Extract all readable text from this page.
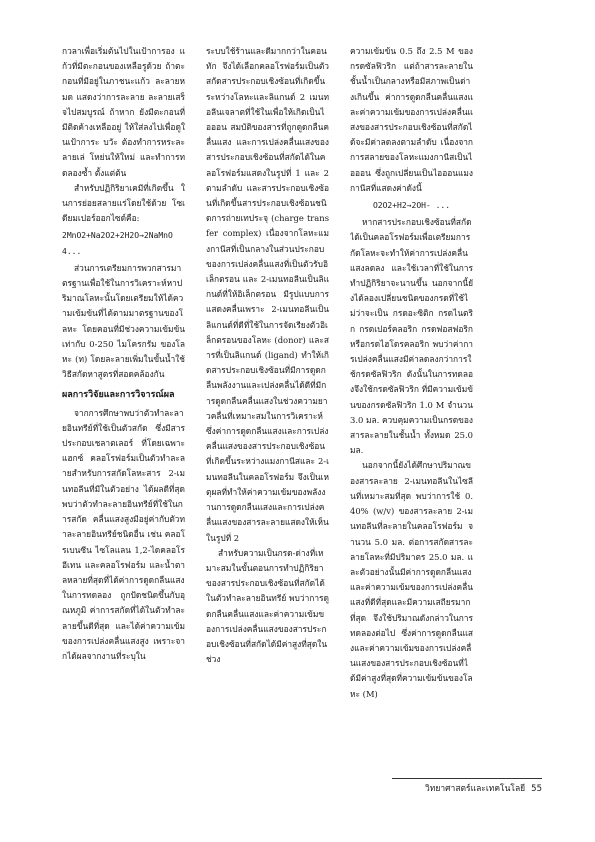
กวลาเพื่อเริ่มต้นไปในเป้าการอง แก้วที่มีตะกอนของเหลือรูด้วย ถ้าตะกอนที่มีอยู่ในภาชนะแก้ว ละลายหมด แสดงว่าการละลาย ละลายเสร็จไปสมบูรณ์ ถ้าหาก ยังมีตะกอนที่มีติดค้างเหลืออยู่ ให้ใส่ลงไปเพื่อดูในเป้าการะ บวัะ ต้องทำการหระละลายเล่ โหย่นให้ใหม่ และทำการทดลองซ้ำ ตั้งแต่ต้น

สำหรับปฏิกิริยาเคมีที่เกิดขึ้น ในการย่อยสลายแร่โดยใช้ด้วย โซเดียมเปอร์ออกไซด์คือ:

2MnO2+Na2O2+2H2O→2NaMnO4...

ส่วนการเตรียมการพวกสารมาตรฐานเพื่อใช้ในการวิเคราะห์หาปริมาณโลหะนั้นโดยเตรียมให้ได้ความเข้มข้นที่ได้ตามมาตรฐานของโลหะ โดยคอนที่มีช่วงความเข้มข้นเท่ากับ 0-250 ไมโครกรัม ของโลหะ (ท) โดยละลายเพิ่มในขั้นน้ำใช้วิธีสกัดหาสูตรที่สอดคล้องกัน

ผลการวิจัยและการวิจารณ์ผล

จากการศึกษาพบว่าตัวทำละลายอินทรีย์ที่ใช้เป็นตัวสกัด ซึ่งมีสารประกอบเชลาตเลอร์ ที่โดยเฉพาะ แฮกซ์ คลอโรฟอร์มเป็นตัวทำละลายสำหรับการสกัดโลหะสาร 2-เมนทอลีนที่มีในตัวอย่าง ได้ผลดีที่สุด พบว่าตัวทำละลายอินทรีย์ที่ใช้ในการสกัด คลื่นแสงสูงมีอยู่ค่ากับตัวทำละลายอินทรีย์ชนิดอื่น เช่น คลอโรเบนซีน ไซโลแลน 1,2-ไดคลอโรอีเทน และคลอโรฟอร์ม และน้ำตาลหลายที่สุดที่ได้ค่าการดูดกลืนแสงในการทดลอง ถูกปัดชนิดขึ้นกับอุณหภูมิ ค่าการสกัดที่ได้ในตัวทำละลายขึ้นดีที่สุด และได้ค่าความเข้มของการเปล่งคลื่นแสงสูง เพราะจากได้ผลจากงานที่ระบุใน

ระบบใช้ร้านและดีมากกว่าในคอนทัก จึงได้เลือกคลอโรฟอร์มเป็นตัวสกัดสารประกอบเชิงซ้อนที่เกิดขึ้นระหว่างโลหะและลิแกนด์ 2 เมนทอลีนเจลาตที่ใช้ในเพื่อให้เกิดเป็นไอออน สมบัติของสารที่ถูกดูดกลืนคลื่นแสง และการเปล่งคลื่นแสงของสารประกอบเชิงซ้อนที่สกัดได้ในคลอโรฟอร์มแสดงในรูปที่ 1 และ 2 ตามลำดับ และสารประกอบเชิงซ้อนที่เกิดขึ้นสารประกอบเชิงซ้อนชนิดการถ่ายเทประจุ (charge transfer complex) เนื่องจากโลหะแมงกานีสที่เป็นกลางในส่วนประกอบของการเปล่งคลื่นแสงที่เป็นตัวรับอิเล็กตรอน และ 2-เมนทอลีนเป็นลิแกนด์ที่ให้อิเล็กตรอน มีรูปแบบการแสดงคลื่นเพราะ 2-เมนทอลีนเป็นลิแกนด์ที่ดีที่ใช้ในการจัดเรียงตัวอิเล็กตรอนของโลหะ (donor) และสารที่เป็นลิแกนด์ (ligand) ทำให้เกิดสารประกอบเชิงซ้อนที่มีการดูดกลืนพลังงานและเปล่งคลื่นได้ดีที่มีการดูดกลืนคลื่นแสงในช่วงความยาวคลื่นที่เหมาะสมในการวิเคราะห์ ซึ่งค่าการดูดกลืนแสงและการเปล่งคลื่นแสงของสารประกอบเชิงซ้อนที่เกิดขึ้นระหว่างแมงกานีสและ 2-เมนทอลีนในคลอโรฟอร์ม จึงเป็นเหตุผลที่ทำให้ค่าความเข้มของพลังงานการดูดกลืนแสงและการเปล่งคลื่นแสงของสารละลายแสดงให้เห็นในรูปที่ 2

สำหรับความเป็นกรด-ด่างที่เหมาะสมในขั้นตอนการทำปฏิกิริยาของสารประกอบเชิงซ้อนที่สกัดได้ ในตัวทำละลายอินทรีย์ พบว่าการดูดกลืนคลื่นแสงและค่าความเข้มของการเปล่งคลื่นแสงของสารประกอบเชิงซ้อนที่สกัดได้มีค่าสูงที่สุดในช่วง

ความเข้มข้น 0.5 ถึง 2.5 M ของกรดซัลฟิวริก แต่ถ้าสารละลายในชั้นน้ำเป็นกลางหรือมีสภาพเป็นด่างเกินขึ้น ค่าการดูดกลืนคลื่นแสงและค่าความเข้มของการเปล่งคลื่นแสงของสารประกอบเชิงซ้อนที่สกัดได้จะมีค่าลดลงตามลำดับ เนื่องจากการสลายของโลหะแมงกานีสเป็นไอออน ซึ่งถูกเปลี่ยนเป็นไอออนแมงกานีสที่แสดงค่าดังนี้

O2O2+H2→2OH- ...

หากสารประกอบเชิงซ้อนที่สกัดได้เป็นคลอโรฟอร์มเพื่อเตรียมการกัดโลหะจะทำให้ค่าการเปล่งคลื่นแสงลดลง และใช้เวลาที่ใช้ในการทำปฏิกิริยาจะนานขึ้น นอกจากนี้ยังได้ลองเปลี่ยนชนิดของกรดที่ใช้ไม่ว่าจะเป็น กรดอะซิติก กรดไนตริก กรดเปอร์คลอริก กรดฟอสฟอริก หรือกรดไฮโดรคลอริก พบว่าค่าการเปล่งคลื่นแสงมีค่าลดลงกว่าการใช้กรดซัลฟิวริก ดังนั้นในการทดลองจึงใช้กรดซัลฟิวริก ที่มีความเข้มข้นของกรดซัลฟิวริก 1.0 M จำนวน 3.0 มล. ควบคุมความเป็นกรดของสารละลายในชั้นน้ำ ทั้งหมด 25.0 มล.

นอกจากนี้ยังได้ศึกษาปริมาณของสารละลาย 2-เมนทอลีนในไซลีนที่เหมาะสมที่สุด พบว่าการใช้ 0.40% (w/v) ของสารละลาย 2-เมนทอลีนที่ละลายในคลอโรฟอร์ม จำนวน 5.0 มล. ต่อการสกัดสารละลายโลหะที่มีปริมาตร 25.0 มล. และตัวอย่างนั้นมีค่าการดูดกลืนแสงและค่าความเข้มของการเปล่งคลื่นแสงที่ดีที่สุดและมีความเสถียรมากที่สุด จึงใช้ปริมาณดังกล่าวในการทดลองต่อไป ซึ่งค่าการดูดกลืนแสงและค่าความเข้มของการเปล่งคลื่นแสงของสารประกอบเชิงซ้อนที่ได้มีค่าสูงที่สุดที่ความเข้มข้นของโลหะ (M)

วิทยาศาสตร์และเทคโนโลยี 55
